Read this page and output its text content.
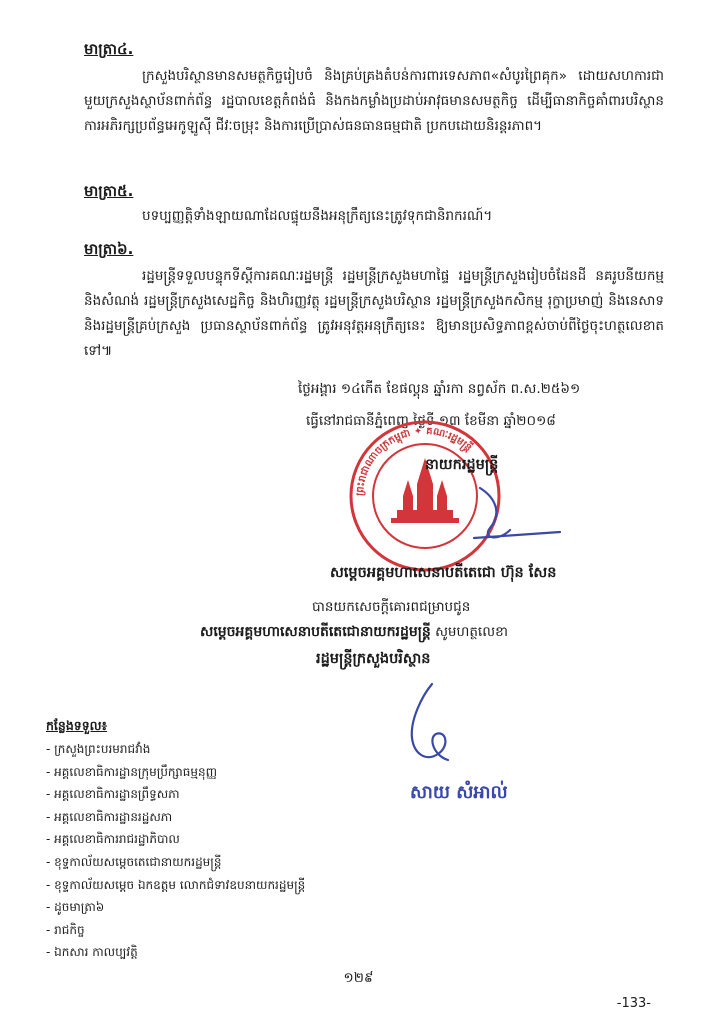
មាត្រា៤.
ក្រសួងបរិស្ថានមានសមត្ថកិច្ចរៀបចំ និងគ្រប់គ្រងតំបន់ការពារទេសភាព«សំបូរព្រៃគុក» ដោយសហការជាមួយក្រសួងស្ថាប័នពាក់ព័ន្ធ រដ្ឋបាលខេត្តកំពង់ធំ និងកងកម្លាំងប្រដាប់អាវុធមានសមត្ថកិច្ច ដើម្បីធានាកិច្ចគាំពារបរិស្ថាន ការអភិរក្សប្រព័ន្ធអេកូឡូស៊ី ជីវៈចម្រុះ និងការប្រើប្រាស់ធនធានធម្មជាតិ ប្រកបដោយនិរន្តរភាព។
មាត្រា៥.
បទប្បញ្ញត្តិទាំងឡាយណាដែលផ្ទុយនឹងអនុក្រឹត្យនេះត្រូវទុកជានិរាករណ៍។
មាត្រា៦.
រដ្ឋមន្ត្រីទទួលបន្ទុកទីស្តីការគណៈរដ្ឋមន្ត្រី រដ្ឋមន្ត្រីក្រសួងមហាផ្ទៃ រដ្ឋមន្ត្រីក្រសួងរៀបចំដែនដី នគរូបនីយកម្ម និងសំណង់ រដ្ឋមន្ត្រីក្រសួងសេដ្ឋកិច្ច និងហិរញ្ញវត្ថុ រដ្ឋមន្ត្រីក្រសួងបរិស្ថាន រដ្ឋមន្ត្រីក្រសួងកសិកម្ម រុក្ខាប្រមាញ់ និងនេសាទ និងរដ្ឋមន្ត្រីគ្រប់ក្រសួង ប្រធានស្ថាប័នពាក់ព័ន្ធ ត្រូវអនុវត្តអនុក្រឹត្យនេះ ឱ្យមានប្រសិទ្ធភាពខ្ពស់ចាប់ពីថ្ងៃចុះហត្ថលេខាតទៅ៕
ថ្ងៃអង្គារ ១៤កើត ខែផល្គុន ឆ្នាំរកា នព្វស័ក ព.ស.២៥៦១
ធ្វើនៅរាជធានីភ្នំពេញ ថ្ងៃទី ១៣ ខែមីនា ឆ្នាំ២០១៨
ព្រះរាជាណាចក្រកម្ពុជា ✦ គណៈរដ្ឋមន្ត្រី
នាយករដ្ឋមន្ត្រី
សម្តេចអគ្គមហាសេនាបតីតេជោ ហ៊ុន សែន
បានយកសេចក្តីគោរពជម្រាបជូន
សម្តេចអគ្គមហាសេនាបតីតេជោនាយករដ្ឋមន្ត្រី សូមហត្ថលេខា
រដ្ឋមន្ត្រីក្រសួងបរិស្ថាន
សាយ សំអាល់
កន្លែងទទួល៖
- ក្រសួងព្រះបរមរាជវាំង
- អគ្គលេខាធិការដ្ឋានក្រុមប្រឹក្សាធម្មនុញ្ញ
- អគ្គលេខាធិការដ្ឋានព្រឹទ្ធសភា
- អគ្គលេខាធិការដ្ឋានរដ្ឋសភា
- អគ្គលេខាធិការរាជរដ្ឋាភិបាល
- ខុទ្ទកាល័យសម្តេចតេជោនាយករដ្ឋមន្ត្រី
- ខុទ្ទកាល័យសម្តេច ឯកឧត្តម លោកជំទាវឧបនាយករដ្ឋមន្ត្រី
- ដូចមាត្រា៦
- រាជកិច្ច
- ឯកសារ កាលប្បវត្តិ
១២៩
-133-
